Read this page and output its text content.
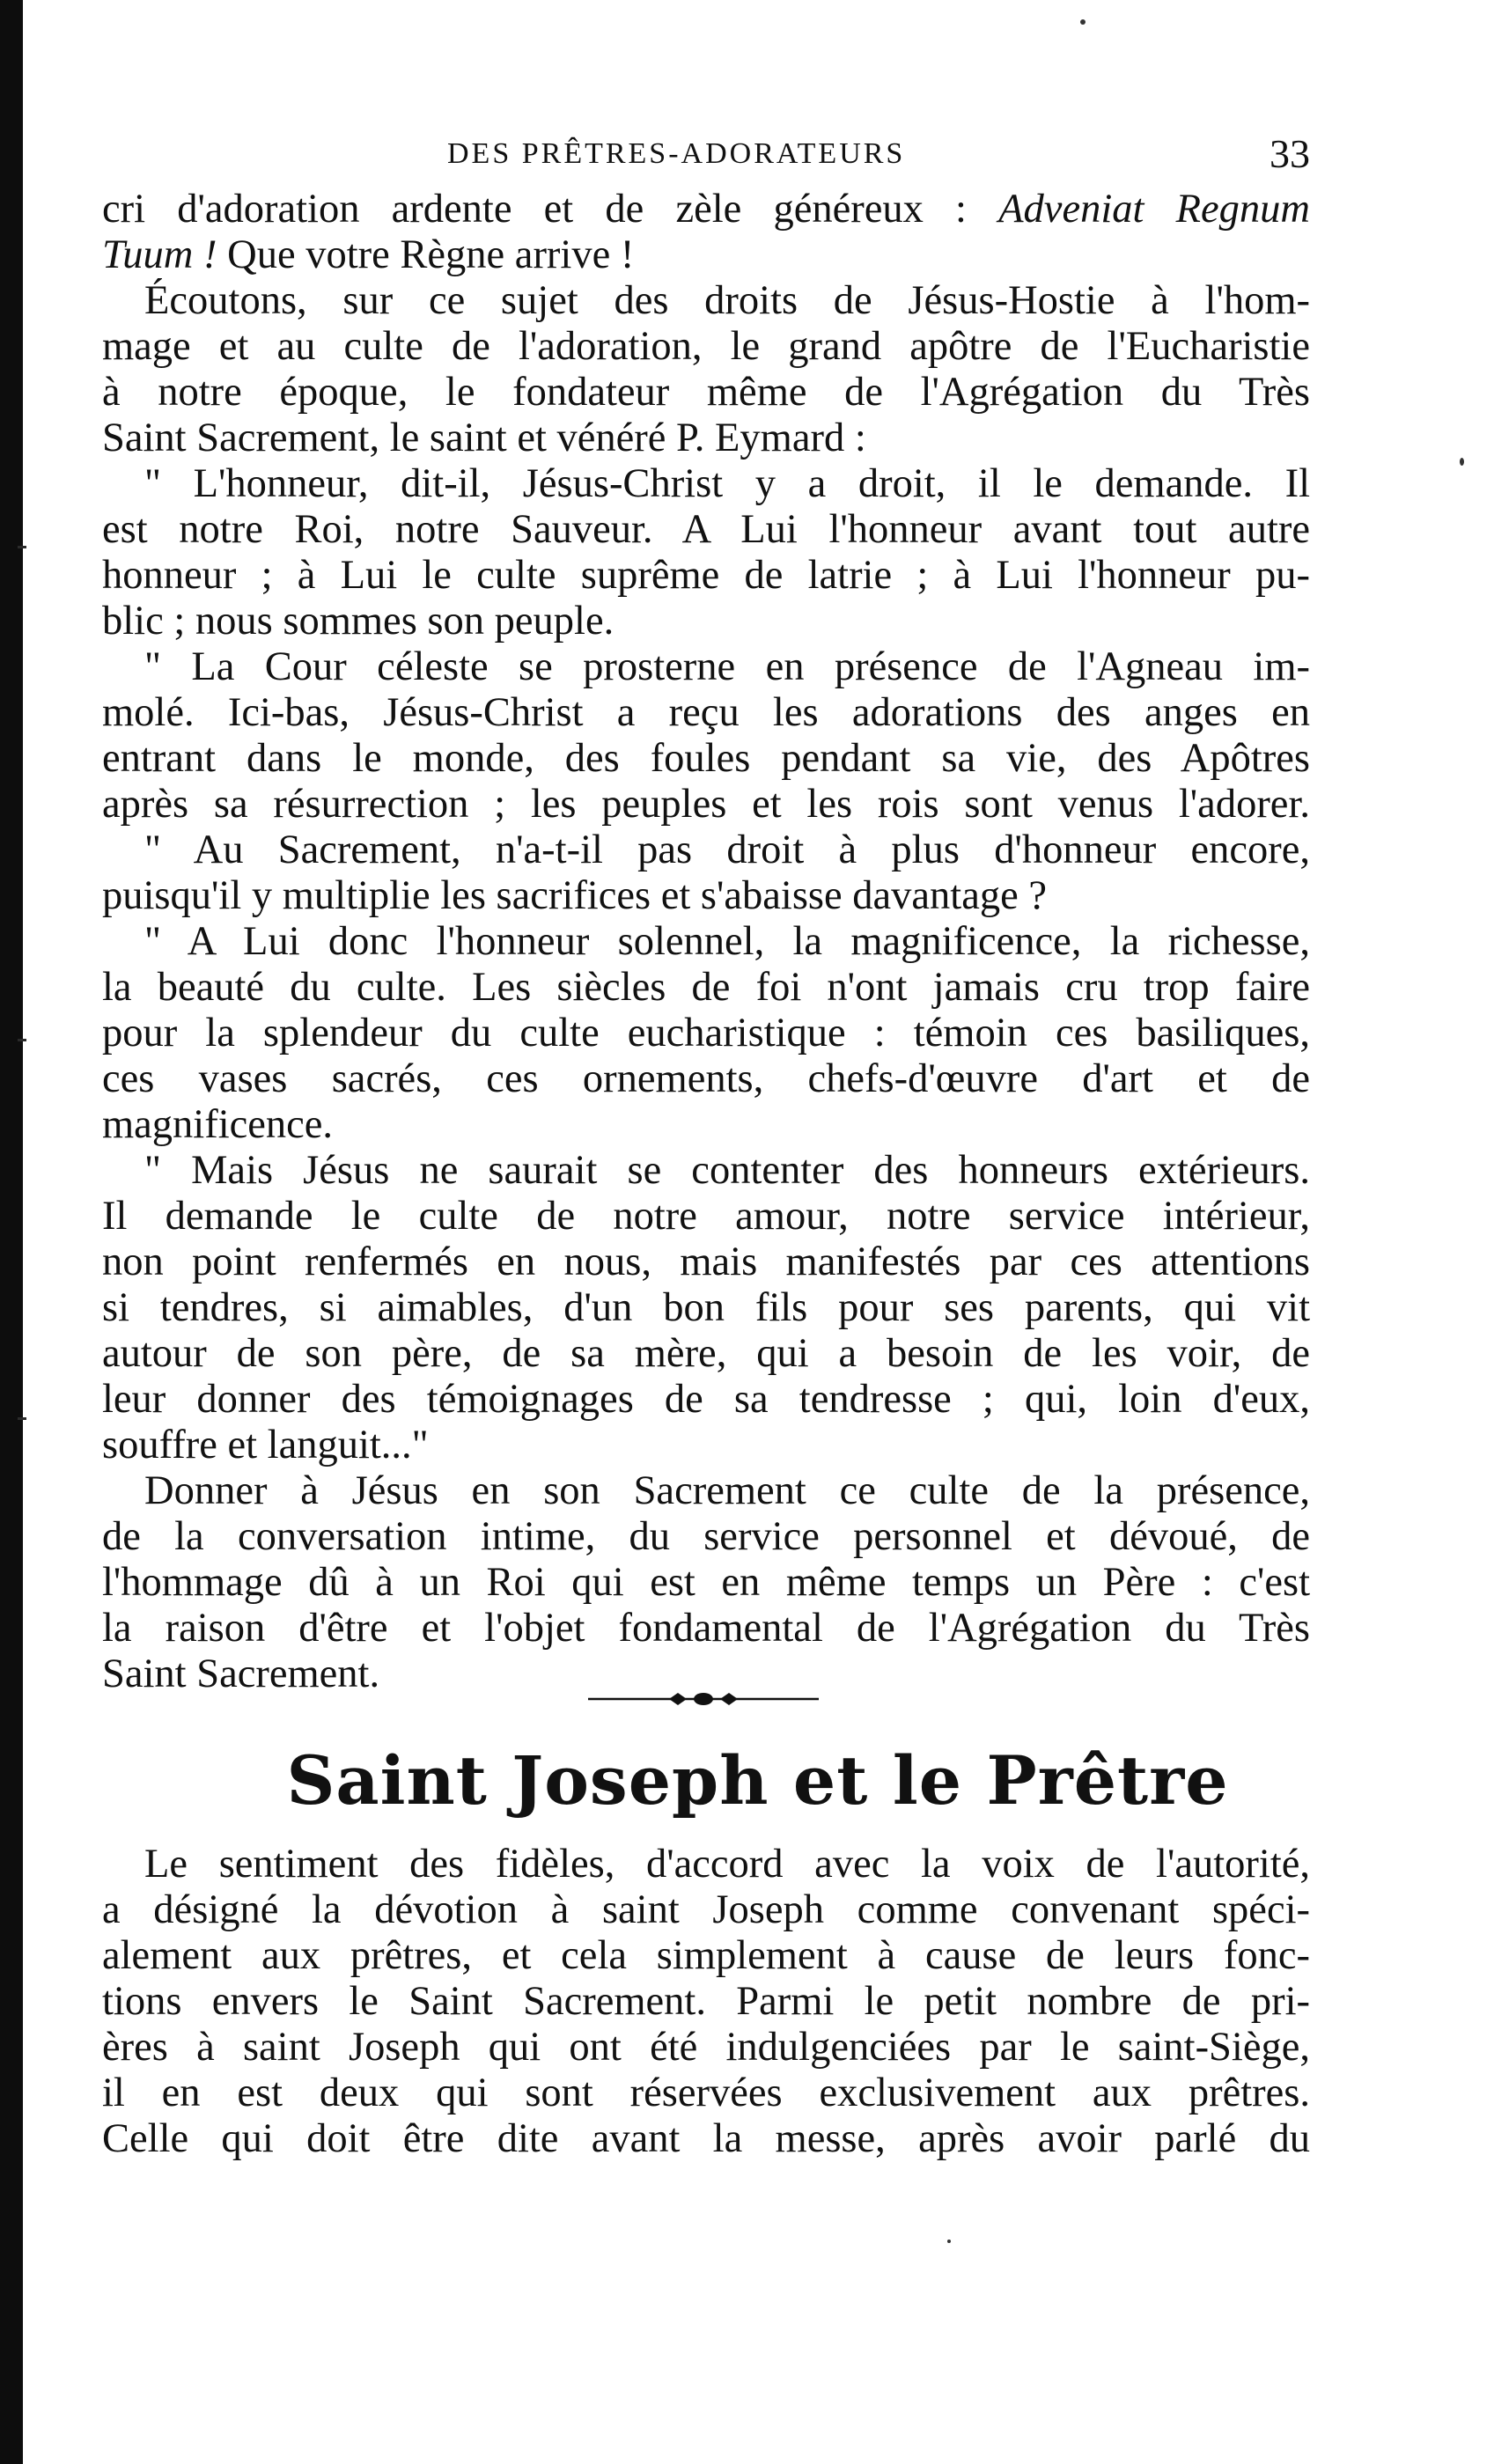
DES PRÊTRES-ADORATEURS	33
cri d'adoration ardente et de zèle généreux : Adveniat Regnum
Tuum ! Que votre Règne arrive !
Écoutons, sur ce sujet des droits de Jésus-Hostie à l'hom-
mage et au culte de l'adoration, le grand apôtre de l'Eucharistie
à notre époque, le fondateur même de l'Agrégation du Très
Saint Sacrement, le saint et vénéré P. Eymard :
" L'honneur, dit-il, Jésus-Christ y a droit, il le demande. Il
est notre Roi, notre Sauveur. A Lui l'honneur avant tout autre
honneur ; à Lui le culte suprême de latrie ; à Lui l'honneur pu-
blic ; nous sommes son peuple.
" La Cour céleste se prosterne en présence de l'Agneau im-
molé. Ici-bas, Jésus-Christ a reçu les adorations des anges en
entrant dans le monde, des foules pendant sa vie, des Apôtres
après sa résurrection ; les peuples et les rois sont venus l'adorer.
" Au Sacrement, n'a-t-il pas droit à plus d'honneur encore,
puisqu'il y multiplie les sacrifices et s'abaisse davantage ?
" A Lui donc l'honneur solennel, la magnificence, la richesse,
la beauté du culte. Les siècles de foi n'ont jamais cru trop faire
pour la splendeur du culte eucharistique : témoin ces basiliques,
ces vases sacrés, ces ornements, chefs-d'œuvre d'art et de
magnificence.
" Mais Jésus ne saurait se contenter des honneurs extérieurs.
Il demande le culte de notre amour, notre service intérieur,
non point renfermés en nous, mais manifestés par ces attentions
si tendres, si aimables, d'un bon fils pour ses parents, qui vit
autour de son père, de sa mère, qui a besoin de les voir, de
leur donner des témoignages de sa tendresse ; qui, loin d'eux,
souffre et languit..."
Donner à Jésus en son Sacrement ce culte de la présence,
de la conversation intime, du service personnel et dévoué, de
l'hommage dû à un Roi qui est en même temps un Père : c'est
la raison d'être et l'objet fondamental de l'Agrégation du Très
Saint Sacrement.
Saint Joseph et le Prêtre
Le sentiment des fidèles, d'accord avec la voix de l'autorité,
a désigné la dévotion à saint Joseph comme convenant spéci-
alement aux prêtres, et cela simplement à cause de leurs fonc-
tions envers le Saint Sacrement. Parmi le petit nombre de pri-
ères à saint Joseph qui ont été indulgenciées par le saint-Siège,
il en est deux qui sont réservées exclusivement aux prêtres.
Celle qui doit être dite avant la messe, après avoir parlé du
